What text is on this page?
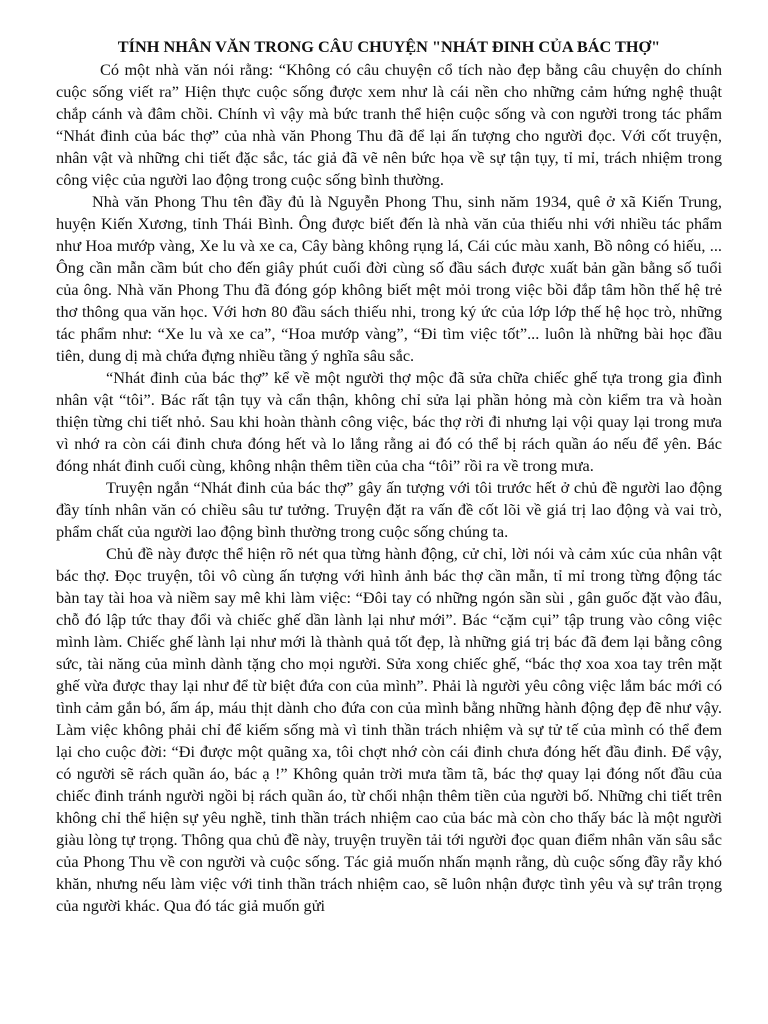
TÍNH NHÂN VĂN TRONG CÂU CHUYỆN "NHÁT ĐINH CỦA BÁC THỢ"

Có một nhà văn nói rằng: “Không có câu chuyện cổ tích nào đẹp bằng câu chuyện do chính cuộc sống viết ra” Hiện thực cuộc sống được xem như là cái nền cho những cảm hứng nghệ thuật chắp cánh và đâm chồi. Chính vì vậy mà bức tranh thể hiện cuộc sống và con người trong tác phẩm “Nhát đinh của bác thợ” của nhà văn Phong Thu đã để lại ấn tượng cho người đọc. Với cốt truyện, nhân vật và những chi tiết đặc sắc, tác giả đã vẽ nên bức họa về sự tận tụy, tỉ mỉ, trách nhiệm trong công việc của người lao động trong cuộc sống bình thường.

Nhà văn Phong Thu tên đầy đủ là Nguyễn Phong Thu, sinh năm 1934, quê ở xã Kiến Trung, huyện Kiến Xương, tỉnh Thái Bình. Ông được biết đến là nhà văn của thiếu nhi với nhiều tác phẩm như Hoa mướp vàng, Xe lu và xe ca, Cây bàng không rụng lá, Cái cúc màu xanh, Bồ nông có hiếu, ... Ông cần mẫn cầm bút cho đến giây phút cuối đời cùng số đầu sách được xuất bản gần bằng số tuổi của ông. Nhà văn Phong Thu đã đóng góp không biết mệt mỏi trong việc bồi đắp tâm hồn thế hệ trẻ thơ thông qua văn học. Với hơn 80 đầu sách thiếu nhi, trong ký ức của lớp lớp thế hệ học trò, những tác phẩm như: “Xe lu và xe ca”, “Hoa mướp vàng”, “Đi tìm việc tốt”... luôn là những bài học đầu tiên, dung dị mà chứa đựng nhiều tầng ý nghĩa sâu sắc.

“Nhát đinh của bác thợ” kể về một người thợ mộc đã sửa chữa chiếc ghế tựa trong gia đình nhân vật “tôi”. Bác rất tận tụy và cẩn thận, không chỉ sửa lại phần hỏng mà còn kiểm tra và hoàn thiện từng chi tiết nhỏ. Sau khi hoàn thành công việc, bác thợ rời đi nhưng lại vội quay lại trong mưa vì nhớ ra còn cái đinh chưa đóng hết và lo lắng rằng ai đó có thể bị rách quần áo nếu để yên. Bác đóng nhát đinh cuối cùng, không nhận thêm tiền của cha “tôi” rồi ra về trong mưa.

Truyện ngắn “Nhát đinh của bác thợ” gây ấn tượng với tôi trước hết ở chủ đề người lao động đầy tính nhân văn có chiều sâu tư tưởng. Truyện đặt ra vấn đề cốt lõi về giá trị lao động và vai trò, phẩm chất của người lao động bình thường trong cuộc sống chúng ta.

Chủ đề này được thể hiện rõ nét qua từng hành động, cử chỉ, lời nói và cảm xúc của nhân vật bác thợ. Đọc truyện, tôi vô cùng ấn tượng với hình ảnh bác thợ cần mẫn, tỉ mỉ trong từng động tác bàn tay tài hoa và niềm say mê khi làm việc: “Đôi tay có những ngón sần sùi , gân guốc đặt vào đâu, chỗ đó lập tức thay đổi và chiếc ghế dần lành lại như mới”. Bác “cặm cụi” tập trung vào công việc mình làm. Chiếc ghế lành lại như mới là thành quả tốt đẹp, là những giá trị bác đã đem lại bằng công sức, tài năng của mình dành tặng cho mọi người. Sửa xong chiếc ghế, “bác thợ xoa xoa tay trên mặt ghế vừa được thay lại như để từ biệt đứa con của mình”. Phải là người yêu công việc lắm bác mới có tình cảm gắn bó, ấm áp, máu thịt dành cho đứa con của mình bằng những hành động đẹp đẽ như vậy. Làm việc không phải chỉ để kiếm sống mà vì tinh thần trách nhiệm và sự tử tế của mình có thể đem lại cho cuộc đời: “Đi được một quãng xa, tôi chợt nhớ còn cái đinh chưa đóng hết đầu đinh. Để vậy, có người sẽ rách quần áo, bác ạ !” Không quản trời mưa tầm tã, bác thợ quay lại đóng nốt đầu của chiếc đinh tránh người ngồi bị rách quần áo, từ chối nhận thêm tiền của người bố. Những chi tiết trên không chỉ thể hiện sự yêu nghề, tinh thần trách nhiệm cao của bác mà còn cho thấy bác là một người giàu lòng tự trọng. Thông qua chủ đề này, truyện truyền tải tới người đọc quan điểm nhân văn sâu sắc của Phong Thu về con người và cuộc sống. Tác giả muốn nhấn mạnh rằng, dù cuộc sống đầy rẫy khó khăn, nhưng nếu làm việc với tinh thần trách nhiệm cao, sẽ luôn nhận được tình yêu và sự trân trọng của người khác. Qua đó tác giả muốn gửi
